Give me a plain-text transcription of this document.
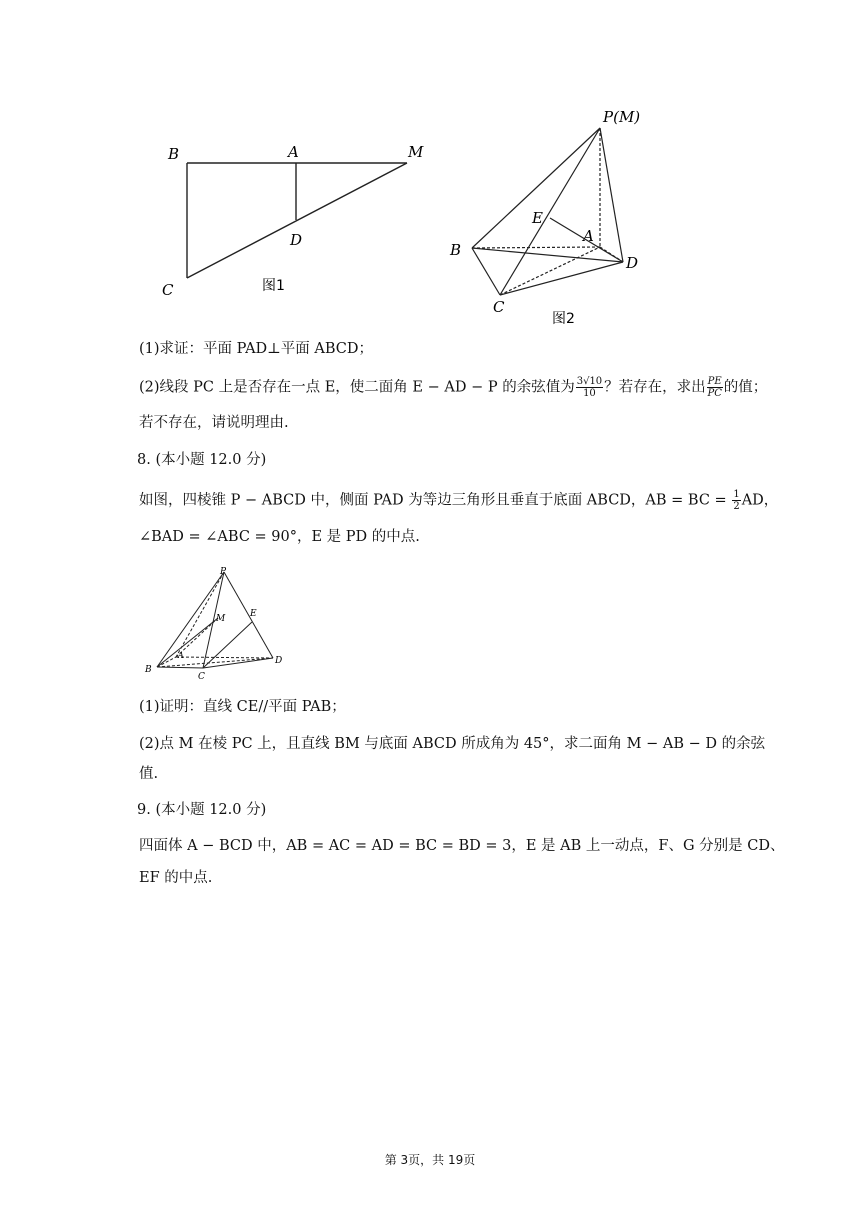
B	A	M
D
C	图1
P(M)
E
A
B
D
C
图2
(1)求证：平面 PAD⊥平面 ABCD；
(2)线段 PC 上是否存在一点 E，使二面角 E − AD − P 的余弦值为 $\frac{3√10}{10}$ ？若存在，求出 $\frac{PE}{PC}$ 的值；
若不存在，请说明理由.
8. (本小题 12.0 分)
如图，四棱锥 P − ABCD 中，侧面 PAD 为等边三角形且垂直于底面 ABCD，AB = BC = $\frac{1}{2}$ AD，
∠BAD = ∠ABC = 90°，E 是 PD 的中点.
P
M	E
B
A
C
D
(1)证明：直线 CE//平面 PAB；
(2)点 M 在棱 PC 上，且直线 BM 与底面 ABCD 所成角为 45°，求二面角 M − AB − D 的余弦
值.
9. (本小题 12.0 分)
四面体 A − BCD 中，AB = AC = AD = BC = BD = 3，E 是 AB 上一动点，F、G 分别是 CD、
EF 的中点.
第 3页，共 19页
